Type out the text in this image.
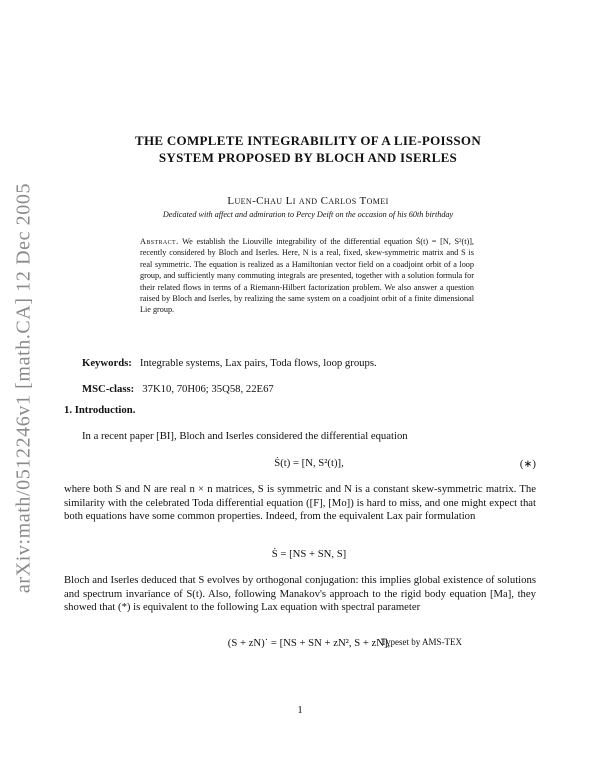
arXiv:math/0512246v1 [math.CA] 12 Dec 2005
THE COMPLETE INTEGRABILITY OF A LIE-POISSON
SYSTEM PROPOSED BY BLOCH AND ISERLES
Luen-Chau Li and Carlos Tomei
Dedicated with affect and admiration to Percy Deift on the occasion of his 60th birthday
Abstract. We establish the Liouville integrability of the differential equation Ṡ(t) = [N, S²(t)], recently considered by Bloch and Iserles. Here, N is a real, fixed, skew-symmetric matrix and S is real symmetric. The equation is realized as a Hamiltonian vector field on a coadjoint orbit of a loop group, and sufficiently many commuting integrals are presented, together with a solution formula for their related flows in terms of a Riemann-Hilbert factorization problem. We also answer a question raised by Bloch and Iserles, by realizing the same system on a coadjoint orbit of a finite dimensional Lie group.
Keywords: Integrable systems, Lax pairs, Toda flows, loop groups.
MSC-class: 37K10, 70H06; 35Q58, 22E67
1. Introduction.
In a recent paper [BI], Bloch and Iserles considered the differential equation
Ṡ(t) = [N, S²(t)],	(∗)
where both S and N are real n × n matrices, S is symmetric and N is a constant skew-symmetric matrix. The similarity with the celebrated Toda differential equation ([F], [Mo]) is hard to miss, and one might expect that both equations have some common properties. Indeed, from the equivalent Lax pair formulation
Ṡ = [NS + SN, S]
Bloch and Iserles deduced that S evolves by orthogonal conjugation: this implies global existence of solutions and spectrum invariance of S(t). Also, following Manakov's approach to the rigid body equation [Ma], they showed that (*) is equivalent to the following Lax equation with spectral parameter
(S + zN)˙ = [NS + SN + zN², S + zN],
Typeset by AMS-TEX
1
